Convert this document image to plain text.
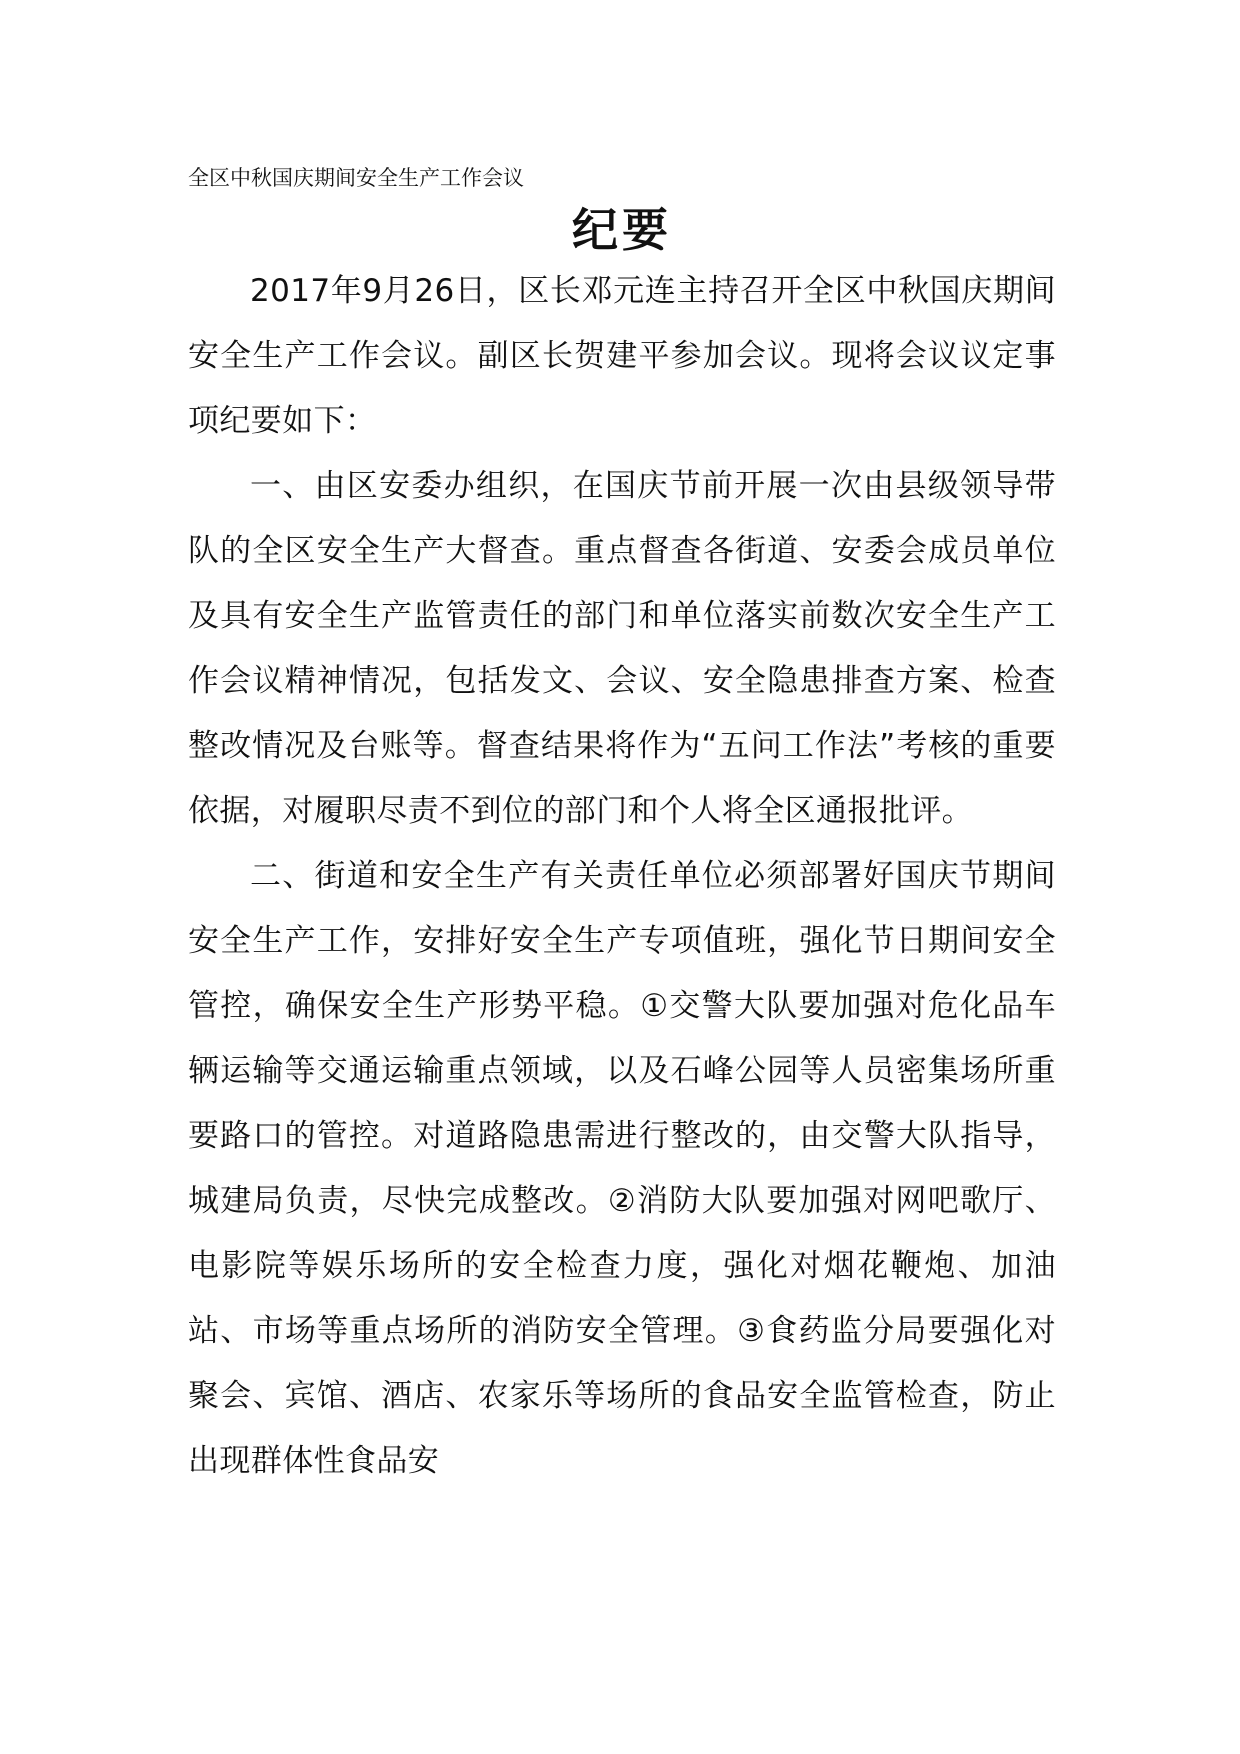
全区中秋国庆期间安全生产工作会议
纪要

2017年9月26日，区长邓元连主持召开全区中秋国庆期间安全生产工作会议。副区长贺建平参加会议。现将会议议定事项纪要如下：

一、由区安委办组织，在国庆节前开展一次由县级领导带队的全区安全生产大督查。重点督查各街道、安委会成员单位及具有安全生产监管责任的部门和单位落实前数次安全生产工作会议精神情况，包括发文、会议、安全隐患排查方案、检查整改情况及台账等。督查结果将作为“五问工作法”考核的重要依据，对履职尽责不到位的部门和个人将全区通报批评。

二、街道和安全生产有关责任单位必须部署好国庆节期间安全生产工作，安排好安全生产专项值班，强化节日期间安全管控，确保安全生产形势平稳。①交警大队要加强对危化品车辆运输等交通运输重点领域，以及石峰公园等人员密集场所重要路口的管控。对道路隐患需进行整改的，由交警大队指导，城建局负责，尽快完成整改。②消防大队要加强对网吧歌厅、电影院等娱乐场所的安全检查力度，强化对烟花鞭炮、加油站、市场等重点场所的消防安全管理。③食药监分局要强化对聚会、宾馆、酒店、农家乐等场所的食品安全监管检查，防止出现群体性食品安
